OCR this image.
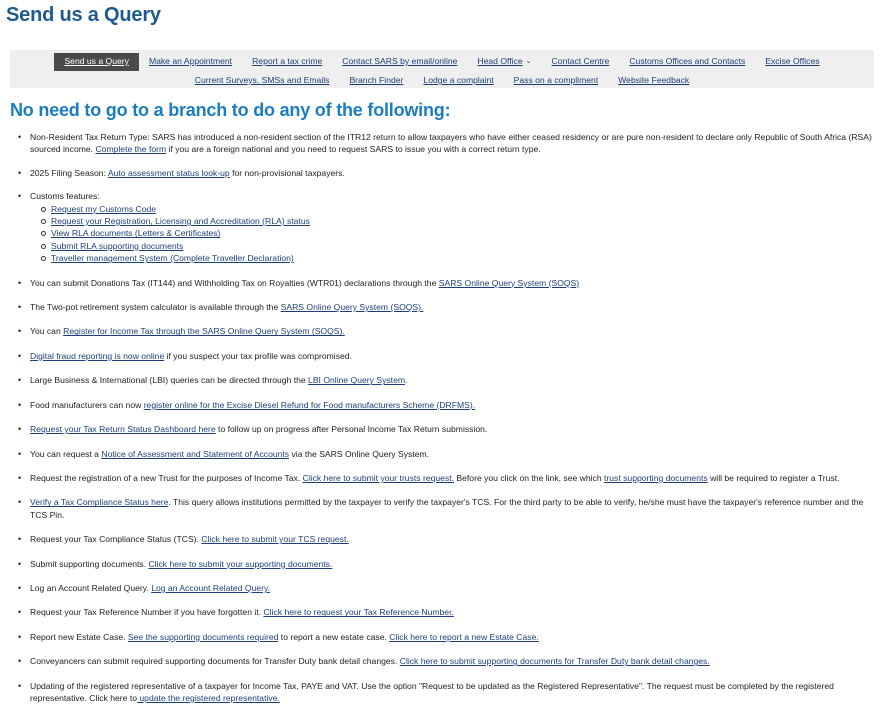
Send us a Query
Send us a Query	Make an Appointment	Report a tax crime	Contact SARS by email/online	Head Office ⌄	Contact Centre	Customs Offices and Contacts	Excise Offices
Current Surveys, SMSs and Emails	Branch Finder	Lodge a complaint	Pass on a compliment	Website Feedback
No need to go to a branch to do any of the following:
• Non-Resident Tax Return Type: SARS has introduced a non-resident section of the ITR12 return to allow taxpayers who have either ceased residency or are pure non-resident to declare only Republic of South Africa (RSA) sourced income. Complete the form if you are a foreign national and you need to request SARS to issue you with a correct return type.
• 2025 Filing Season: Auto assessment status look-up for non-provisional taxpayers.
• Customs features:
Request my Customs Code
Request your Registration, Licensing and Accreditation (RLA) status
View RLA documents (Letters & Certificates)
Submit RLA supporting documents
Traveller management System (Complete Traveller Declaration)
• You can submit Donations Tax (IT144) and Withholding Tax on Royalties (WTR01) declarations through the SARS Online Query System (SOQS)
• The Two-pot retirement system calculator is available through the SARS Online Query System (SOQS).
• You can Register for Income Tax through the SARS Online Query System (SOQS).
• Digital fraud reporting is now online if you suspect your tax profile was compromised.
• Large Business & International (LBI) queries can be directed through the LBI Online Query System.
• Food manufacturers can now register online for the Excise Diesel Refund for Food manufacturers Scheme (DRFMS).
• Request your Tax Return Status Dashboard here to follow up on progress after Personal Income Tax Return submission.
• You can request a Notice of Assessment and Statement of Accounts via the SARS Online Query System.
• Request the registration of a new Trust for the purposes of Income Tax. Click here to submit your trusts request. Before you click on the link, see which trust supporting documents will be required to register a Trust.
• Verify a Tax Compliance Status here. This query allows institutions permitted by the taxpayer to verify the taxpayer's TCS. For the third party to be able to verify, he/she must have the taxpayer's reference number and the TCS Pin.
• Request your Tax Compliance Status (TCS). Click here to submit your TCS request.
• Submit supporting documents. Click here to submit your supporting documents.
• Log an Account Related Query. Log an Account Related Query.
• Request your Tax Reference Number if you have forgotten it. Click here to request your Tax Reference Number.
• Report new Estate Case. See the supporting documents required to report a new estate case. Click here to report a new Estate Case.
• Conveyancers can submit required supporting documents for Transfer Duty bank detail changes. Click here to submit supporting documents for Transfer Duty bank detail changes.
• Updating of the registered representative of a taxpayer for Income Tax, PAYE and VAT. Use the option "Request to be updated as the Registered Representative". The request must be completed by the registered representative. Click here to update the registered representative.
